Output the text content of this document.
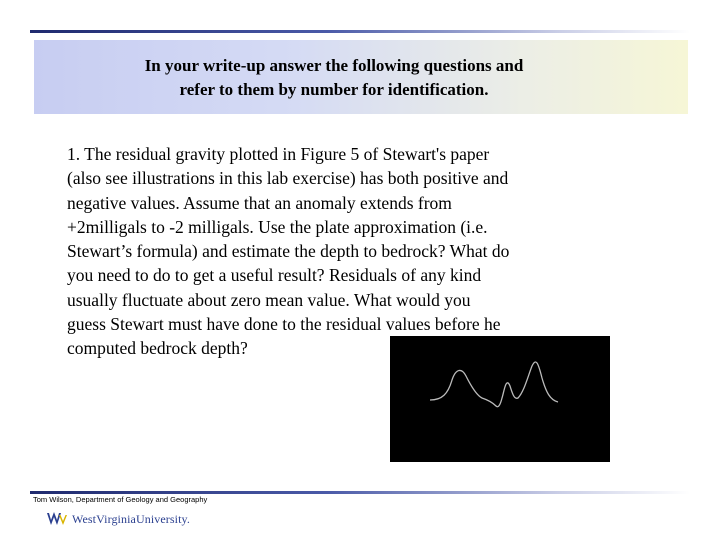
In your write-up answer the following questions and
refer to them by number for identification.
1. The residual gravity plotted in Figure 5 of Stewart's paper
(also see illustrations in this lab exercise) has both positive and
negative values. Assume that an anomaly extends from
+2milligals to -2 milligals. Use the plate approximation (i.e.
Stewart’s formula) and estimate the depth to bedrock? What do
you need to do to get a useful result? Residuals of any kind
usually fluctuate about zero mean value. What would you
guess Stewart must have done to the residual values before he
computed bedrock depth?
Tom Wilson, Department of Geology and Geography
WestVirginiaUniversity.
